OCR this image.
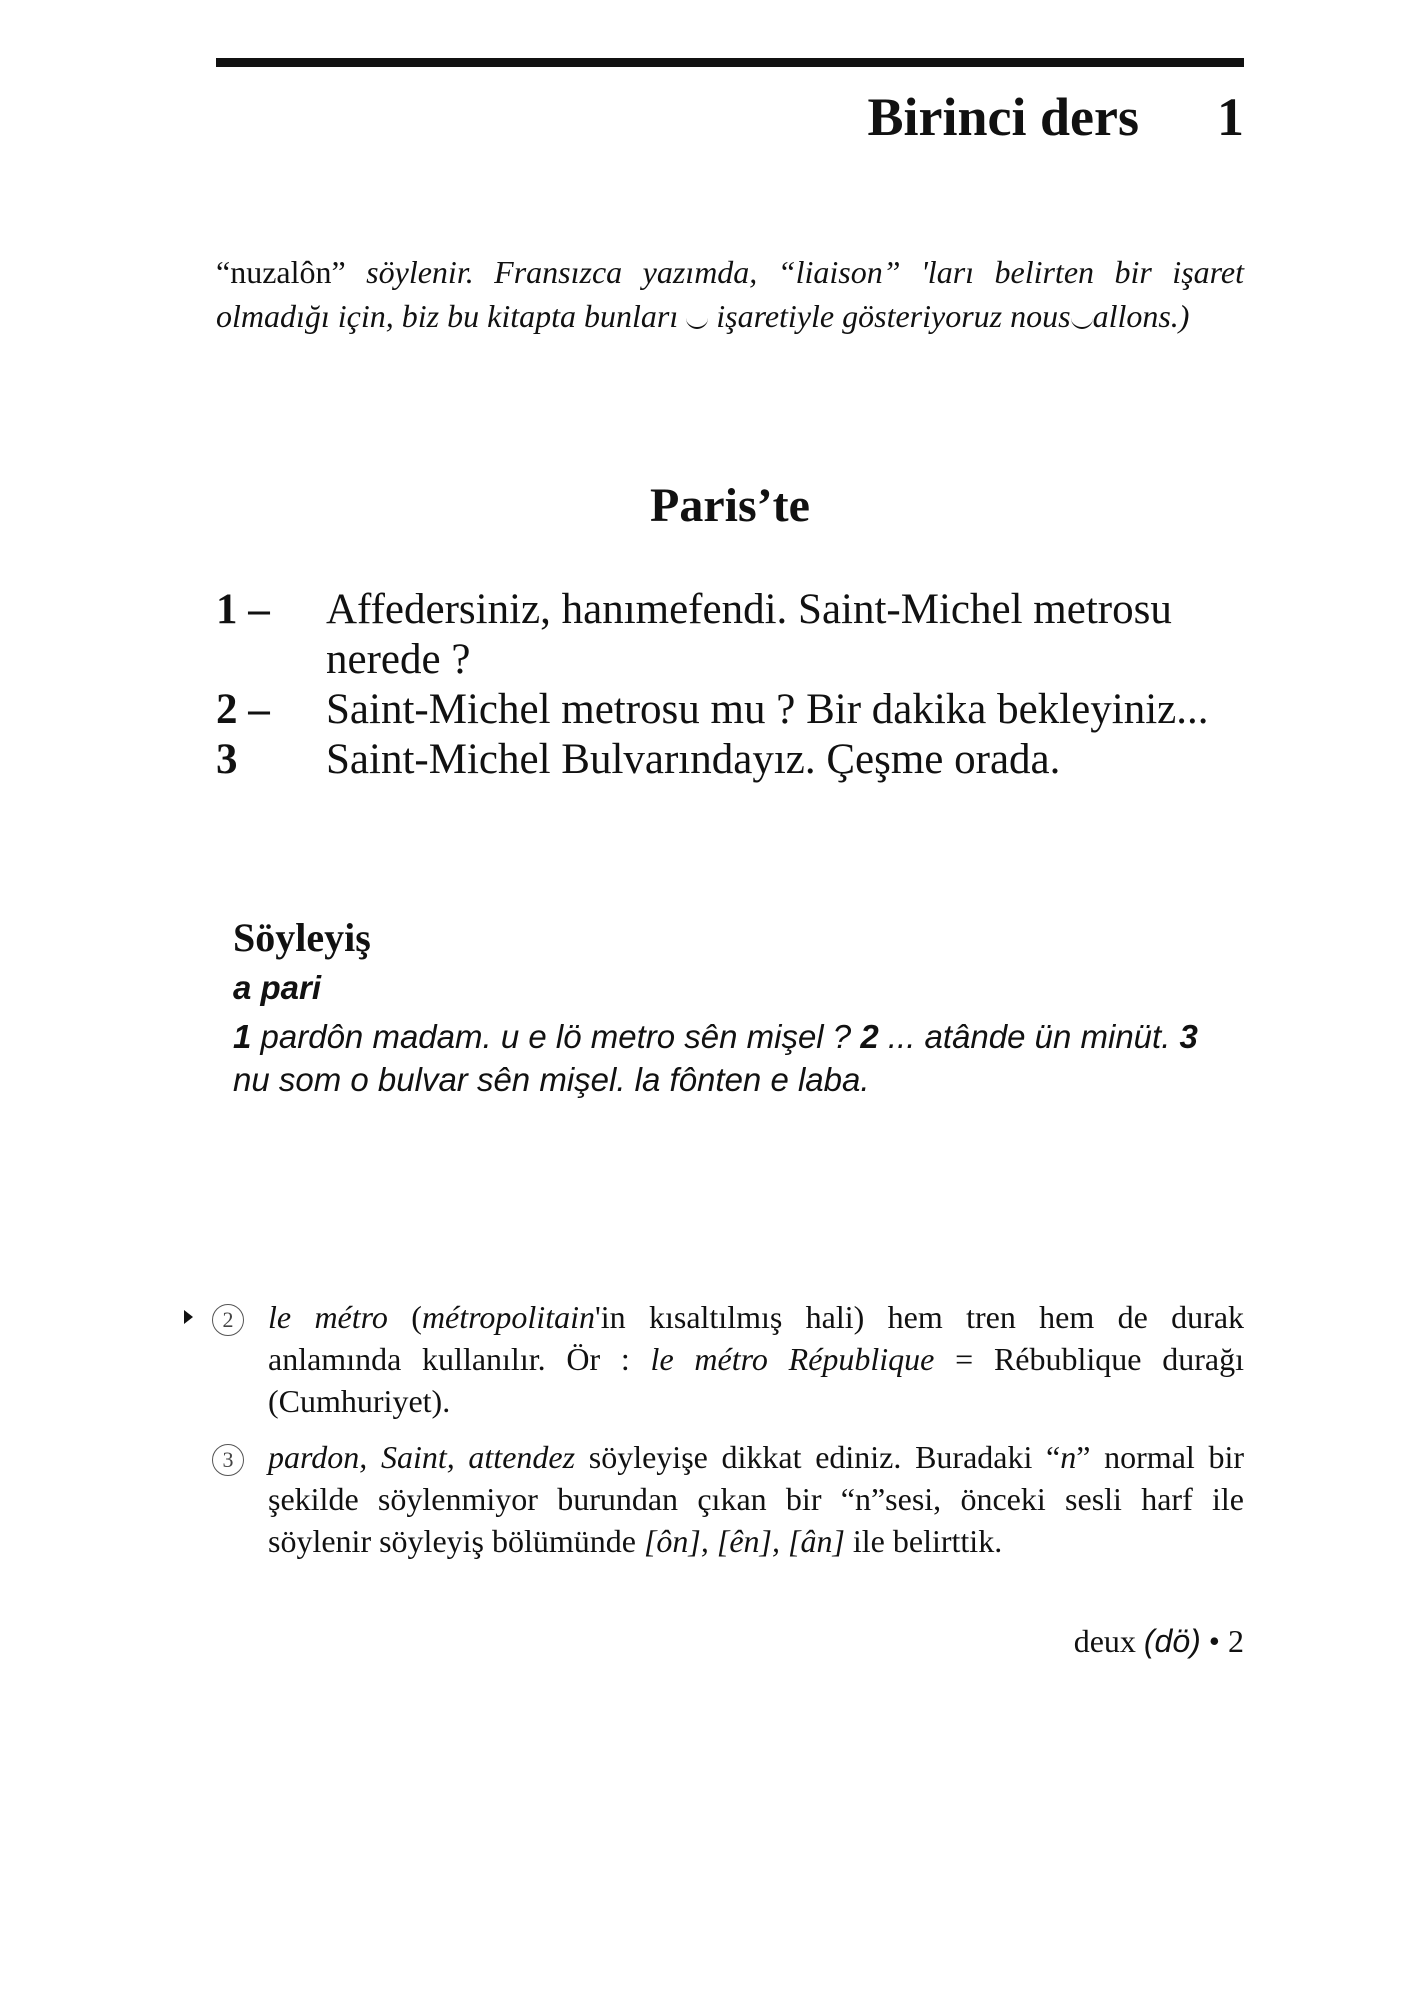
Birinci ders 1
“nuzalôn” söylenir. Fransızca yazımda, “liaison” 'ları belirten bir işaret olmadığı için, biz bu kitapta bunları işaretiyle gösteriyoruz nous allons.)
Paris’te
1 –	Affedersiniz, hanımefendi. Saint-Michel metrosu nerede ?
2 –	Saint-Michel metrosu mu ? Bir dakika bekleyiniz...
3	Saint-Michel Bulvarındayız. Çeşme orada.
Söyleyiş
a pari
1 pardôn madam. u e lö metro sên mişel ? 2 ... atânde ün minüt. 3 nu som o bulvar sên mişel. la fônten e laba.
2	le métro (métropolitain'in kısaltılmış hali) hem tren hem de durak anlamında kullanılır. Ör : le métro République = Rébublique durağı (Cumhuriyet).
3	pardon, Saint, attendez söyleyişe dikkat ediniz. Buradaki “n” normal bir şekilde söylenmiyor burundan çıkan bir “n”sesi, önceki sesli harf ile söylenir söyleyiş bölümünde [ôn], [ên], [ân] ile belirttik.
deux (dö) • 2
